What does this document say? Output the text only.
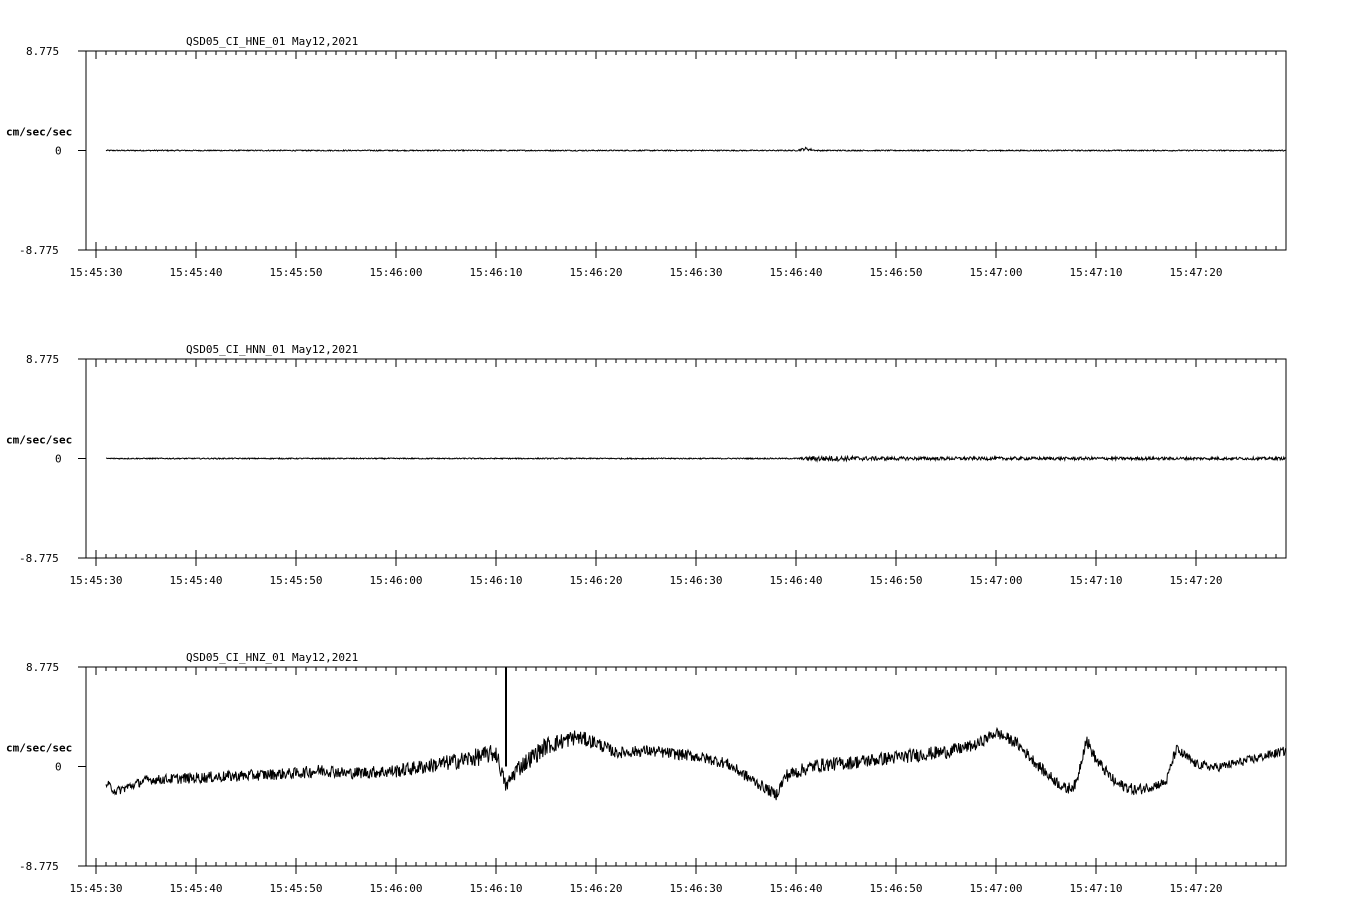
QSD05_CI_HNE_01 May12,2021
cm/sec/sec
8.775
0
-8.775
15:45:30	15:45:40	15:45:50	15:46:00	15:46:10	15:46:20	15:46:30	15:46:40	15:46:50	15:47:00	15:47:10	15:47:20
QSD05_CI_HNN_01 May12,2021
cm/sec/sec
8.775
0
-8.775
15:45:30	15:45:40	15:45:50	15:46:00	15:46:10	15:46:20	15:46:30	15:46:40	15:46:50	15:47:00	15:47:10	15:47:20
QSD05_CI_HNZ_01 May12,2021
cm/sec/sec
8.775
0
-8.775
15:45:30	15:45:40	15:45:50	15:46:00	15:46:10	15:46:20	15:46:30	15:46:40	15:46:50	15:47:00	15:47:10	15:47:20
